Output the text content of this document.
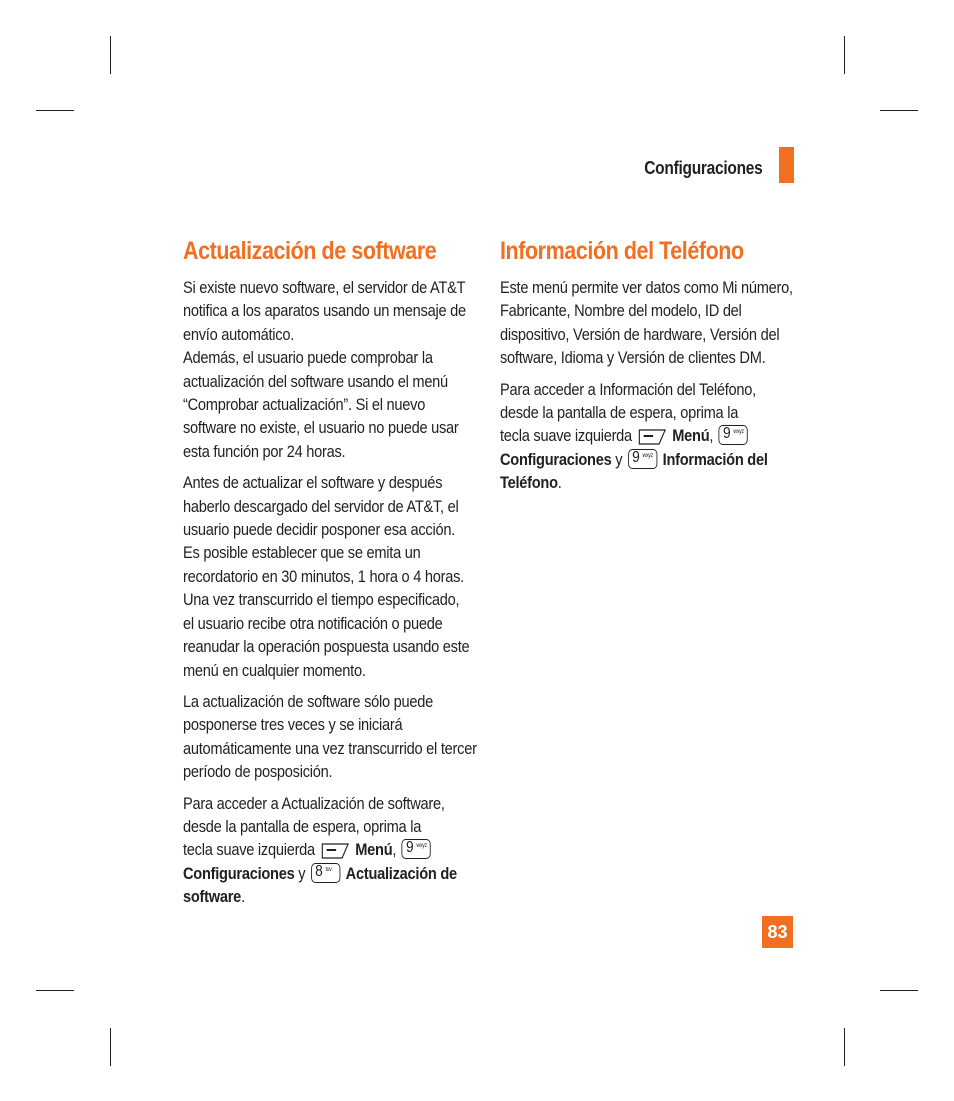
Configuraciones
Actualización de software

Si existe nuevo software, el servidor de AT&T
notifica a los aparatos usando un mensaje de
envío automático.

Además, el usuario puede comprobar la
actualización del software usando el menú
“Comprobar actualización”. Si el nuevo
software no existe, el usuario no puede usar
esta función por 24 horas.

Antes de actualizar el software y después
haberlo descargado del servidor de AT&T, el
usuario puede decidir posponer esa acción.
Es posible establecer que se emita un
recordatorio en 30 minutos, 1 hora o 4 horas.
Una vez transcurrido el tiempo especificado,
el usuario recibe otra notificación o puede
reanudar la operación pospuesta usando este
menú en cualquier momento.

La actualización de software sólo puede
posponerse tres veces y se iniciará
automáticamente una vez transcurrido el tercer
período de posposición.

Para acceder a Actualización de software,
desde la pantalla de espera, oprima la
tecla suave izquierda Menú, 9 wxyz
Configuraciones y 8 tuv Actualización de software.
Información del Teléfono

Este menú permite ver datos como Mi número,
Fabricante, Nombre del modelo, ID del
dispositivo, Versión de hardware, Versión del
software, Idioma y Versión de clientes DM.

Para acceder a Información del Teléfono,
desde la pantalla de espera, oprima la
tecla suave izquierda Menú, 9 wxyz
Configuraciones y 9 wxyz Información del Teléfono.
83
